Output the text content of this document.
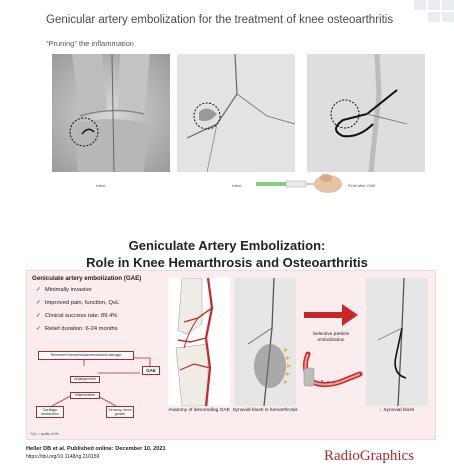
Genicular artery embolization for the treatment of knee osteoarthritis
“Pruning” the inflammation
Initial	Initial	Final after GAE
Geniculate Artery Embolization:
Role in Knee Hemarthrosis and Osteoarthritis
Geniculate artery embolization (GAE)
✓ Minimally invasive
✓ Improved pain, function, QoL
✓ Clinical success rate: 89.4%
✓ Relief duration: 6-24 months
Recurrent hemarthrosis/mechanical damage
GAE
Angiogenesis
Inflammation
Cartilage destruction
Sensory nerve growth
*QoL = quality of life
Anatomy of descending GAE Synovial blush in hemarthrosis
Selective particle embolization
↓ Synovial blush
Heller DB et al. Published online: December 10, 2021
https://doi.org/10.1148/rg.210159	RadioGraphics
